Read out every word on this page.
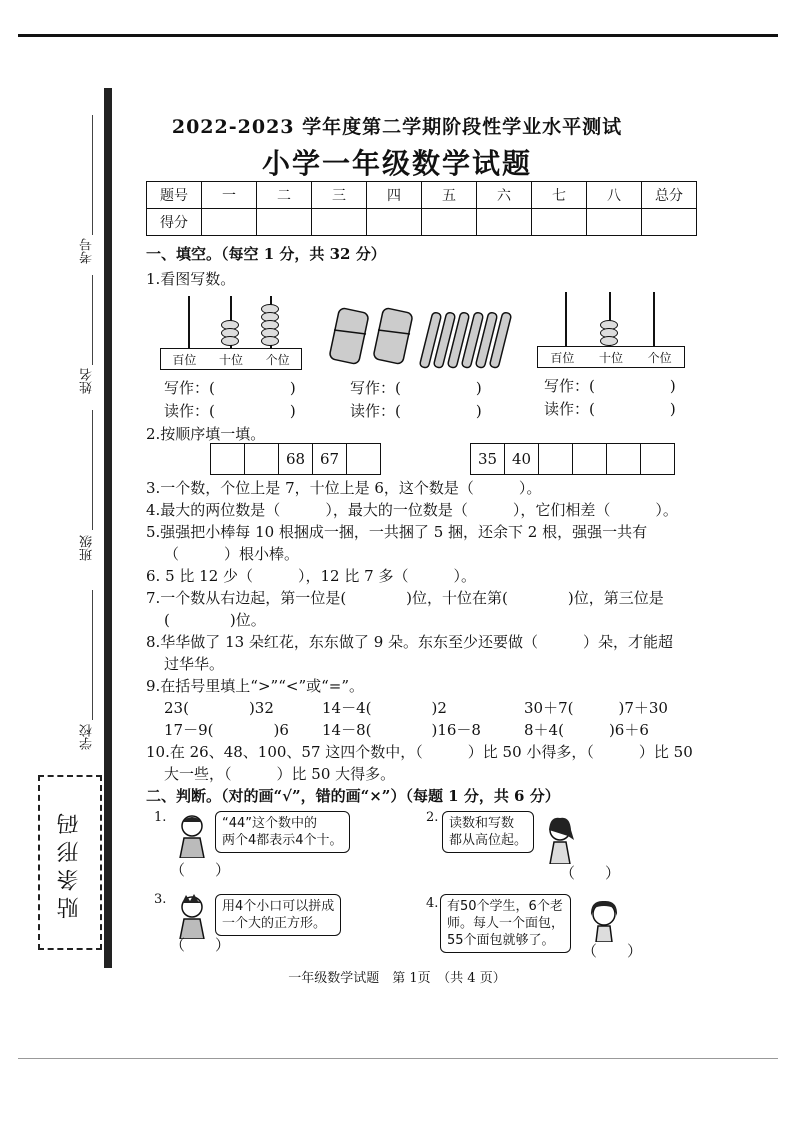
考号
姓名
班级
学校
贴条形码
2022-2023 学年度第二学期阶段性学业水平测试
小学一年级数学试题
题号	一	二	三	四	五	六	七	八	总分
得分									
一、填空。（每空 1 分，共 32 分）
1.看图写数。
百位 十位 个位	百位 十位 个位
写作：(　　　　　)
读作：(　　　　　)
写作：(　　　　　)
读作：(　　　　　)
写作：(　　　　　)
读作：(　　　　　)
2.按顺序填一填。
		68	67		35	40				
3.一个数，个位上是 7，十位上是 6，这个数是（　　　）。
4.最大的两位数是（　　　），最大的一位数是（　　　），它们相差（　　　）。
5.强强把小棒每 10 根捆成一捆，一共捆了 5 捆，还余下 2 根，强强一共有
（　　　）根小棒。
6. 5 比 12 少（　　　），12 比 7 多（　　　）。
7.一个数从右边起，第一位是(　　　　)位，十位在第(　　　　)位，第三位是
(　　　　)位。
8.华华做了 13 朵红花，东东做了 9 朵。东东至少还要做（　　　）朵，才能超
过华华。
9.在括号里填上“>”“<”或“=”。
23(　　　　)32	14－4(　　　　)2	30＋7(　　　)7＋30
17－9(　　　　)6 14－8(　　　　)16－8	8＋4(　　　)6＋6
10.在 26、48、100、57 这四个数中，（　　　）比 50 小得多，（　　　）比 50
大一些，（　　　）比 50 大得多。
二、判断。（对的画“√”，错的画“×”）（每题 1 分，共 6 分）
1.	“44”这个数中的
两个4都表示4个十。
（　　）
2. 读数和写数
都从高位起。
（　　）
3.	用4个小口可以拼成
一个大的正方形。
（　　）
4. 有50个学生，6个老
师。每人一个面包，
55个面包就够了。
（　　）
一年级数学试题　第 1页　（共 4 页）
